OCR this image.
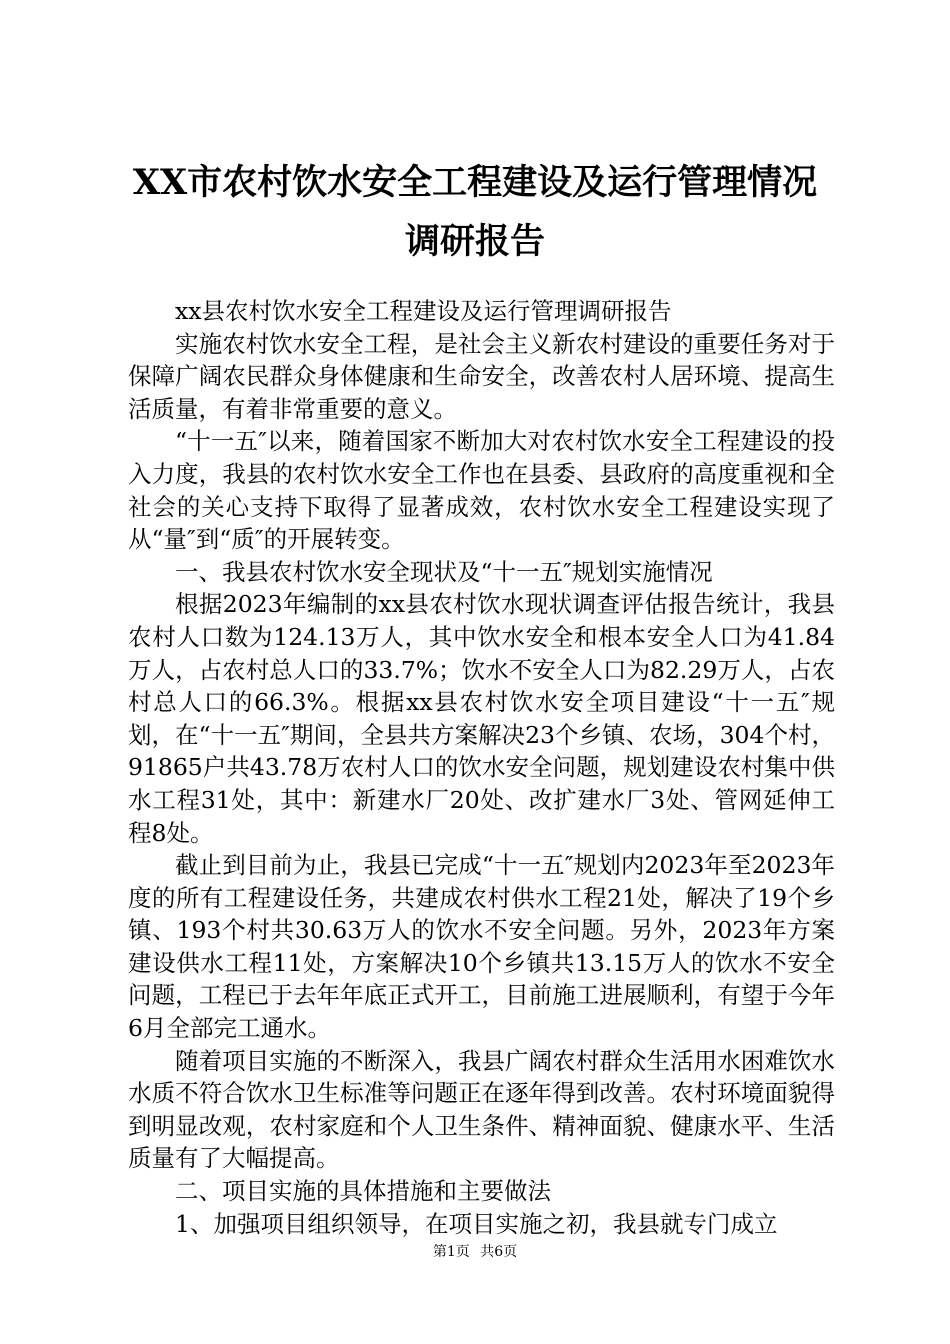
XX市农村饮水安全工程建设及运行管理情况
调研报告

xx县农村饮水安全工程建设及运行管理调研报告

实施农村饮水安全工程，是社会主义新农村建设的重要任务对于保障广阔农民群众身体健康和生命安全，改善农村人居环境、提高生活质量，有着非常重要的意义。

“十一五″以来，随着国家不断加大对农村饮水安全工程建设的投入力度，我县的农村饮水安全工作也在县委、县政府的高度重视和全社会的关心支持下取得了显著成效，农村饮水安全工程建设实现了从“量″到“质″的开展转变。

一、我县农村饮水安全现状及“十一五″规划实施情况

根据2023年编制的xx县农村饮水现状调查评估报告统计，我县农村人口数为124.13万人，其中饮水安全和根本安全人口为41.84万人，占农村总人口的33.7%；饮水不安全人口为82.29万人，占农村总人口的66.3%。根据xx县农村饮水安全项目建设“十一五″规划，在“十一五″期间，全县共方案解决23个乡镇、农场，304个村，91865户共43.78万农村人口的饮水安全问题，规划建设农村集中供水工程31处，其中：新建水厂20处、改扩建水厂3处、管网延伸工程8处。

截止到目前为止，我县已完成“十一五″规划内2023年至2023年度的所有工程建设任务，共建成农村供水工程21处，解决了19个乡镇、193个村共30.63万人的饮水不安全问题。另外，2023年方案建设供水工程11处，方案解决10个乡镇共13.15万人的饮水不安全问题，工程已于去年年底正式开工，目前施工进展顺利，有望于今年6月全部完工通水。

随着项目实施的不断深入，我县广阔农村群众生活用水困难饮水水质不符合饮水卫生标准等问题正在逐年得到改善。农村环境面貌得到明显改观，农村家庭和个人卫生条件、精神面貌、健康水平、生活质量有了大幅提高。

二、项目实施的具体措施和主要做法

1、加强项目组织领导，在项目实施之初，我县就专门成立

第1页 共6页
